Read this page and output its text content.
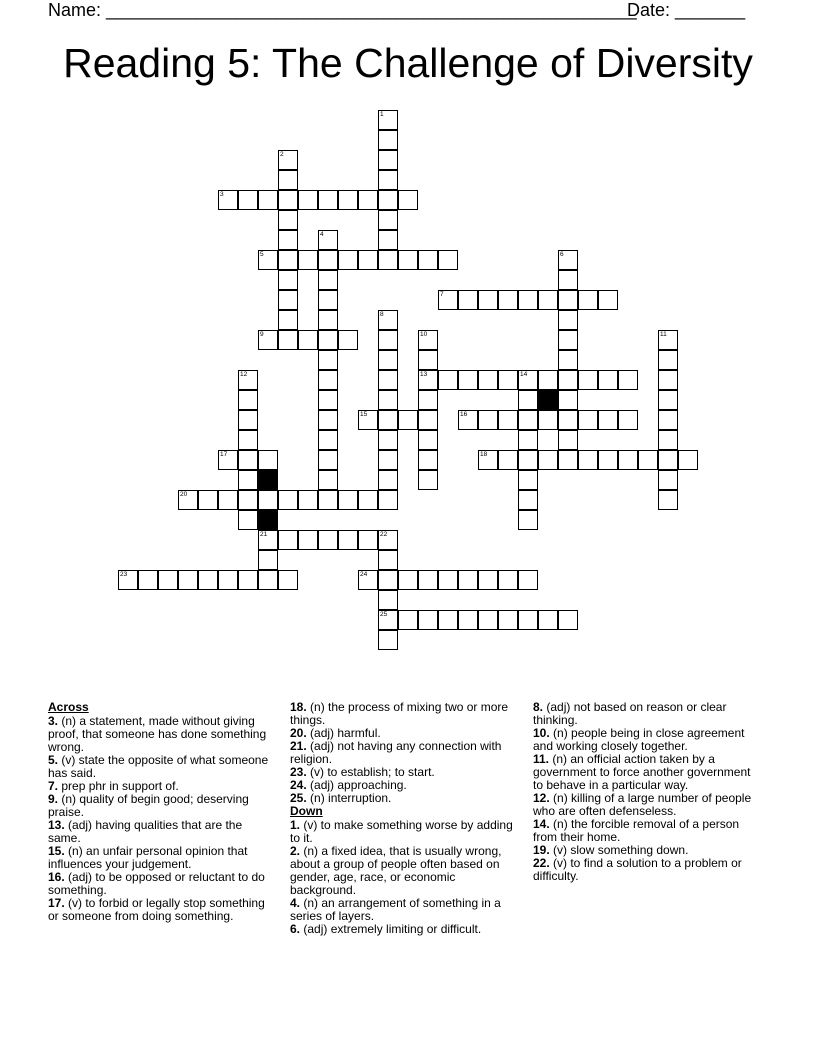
Name: _____________________________________________________
Date: _______
Reading 5: The Challenge of Diversity
1
2
3
4
5	6
7
8
9	10
13
11
12	14
15	16
17	18
21
20
22
25
23	24
Across

3. (n) a statement, made without giving proof, that someone has done something wrong.

5. (v) state the opposite of what someone has said.

7. prep phr in support of.

9. (n) quality of begin good; deserving praise.

13. (adj) having qualities that are the same.

15. (n) an unfair personal opinion that influences your judgement.

16. (adj) to be opposed or reluctant to do something.

17. (v) to forbid or legally stop something or someone from doing something.

18. (n) the process of mixing two or more things.

20. (adj) harmful.

21. (adj) not having any connection with religion.

23. (v) to establish; to start.

24. (adj) approaching.

25. (n) interruption.

Down

1. (v) to make something worse by adding to it.

2. (n) a fixed idea, that is usually wrong, about a group of people often based on gender, age, race, or economic background.

4. (n) an arrangement of something in a series of layers.

6. (adj) extremely limiting or difficult.

8. (adj) not based on reason or clear thinking.

10. (n) people being in close agreement and working closely together.

11. (n) an official action taken by a government to force another government to behave in a particular way.

12. (n) killing of a large number of people who are often defenseless.

14. (n) the forcible removal of a person from their home.

19. (v) slow something down.

22. (v) to find a solution to a problem or difficulty.
